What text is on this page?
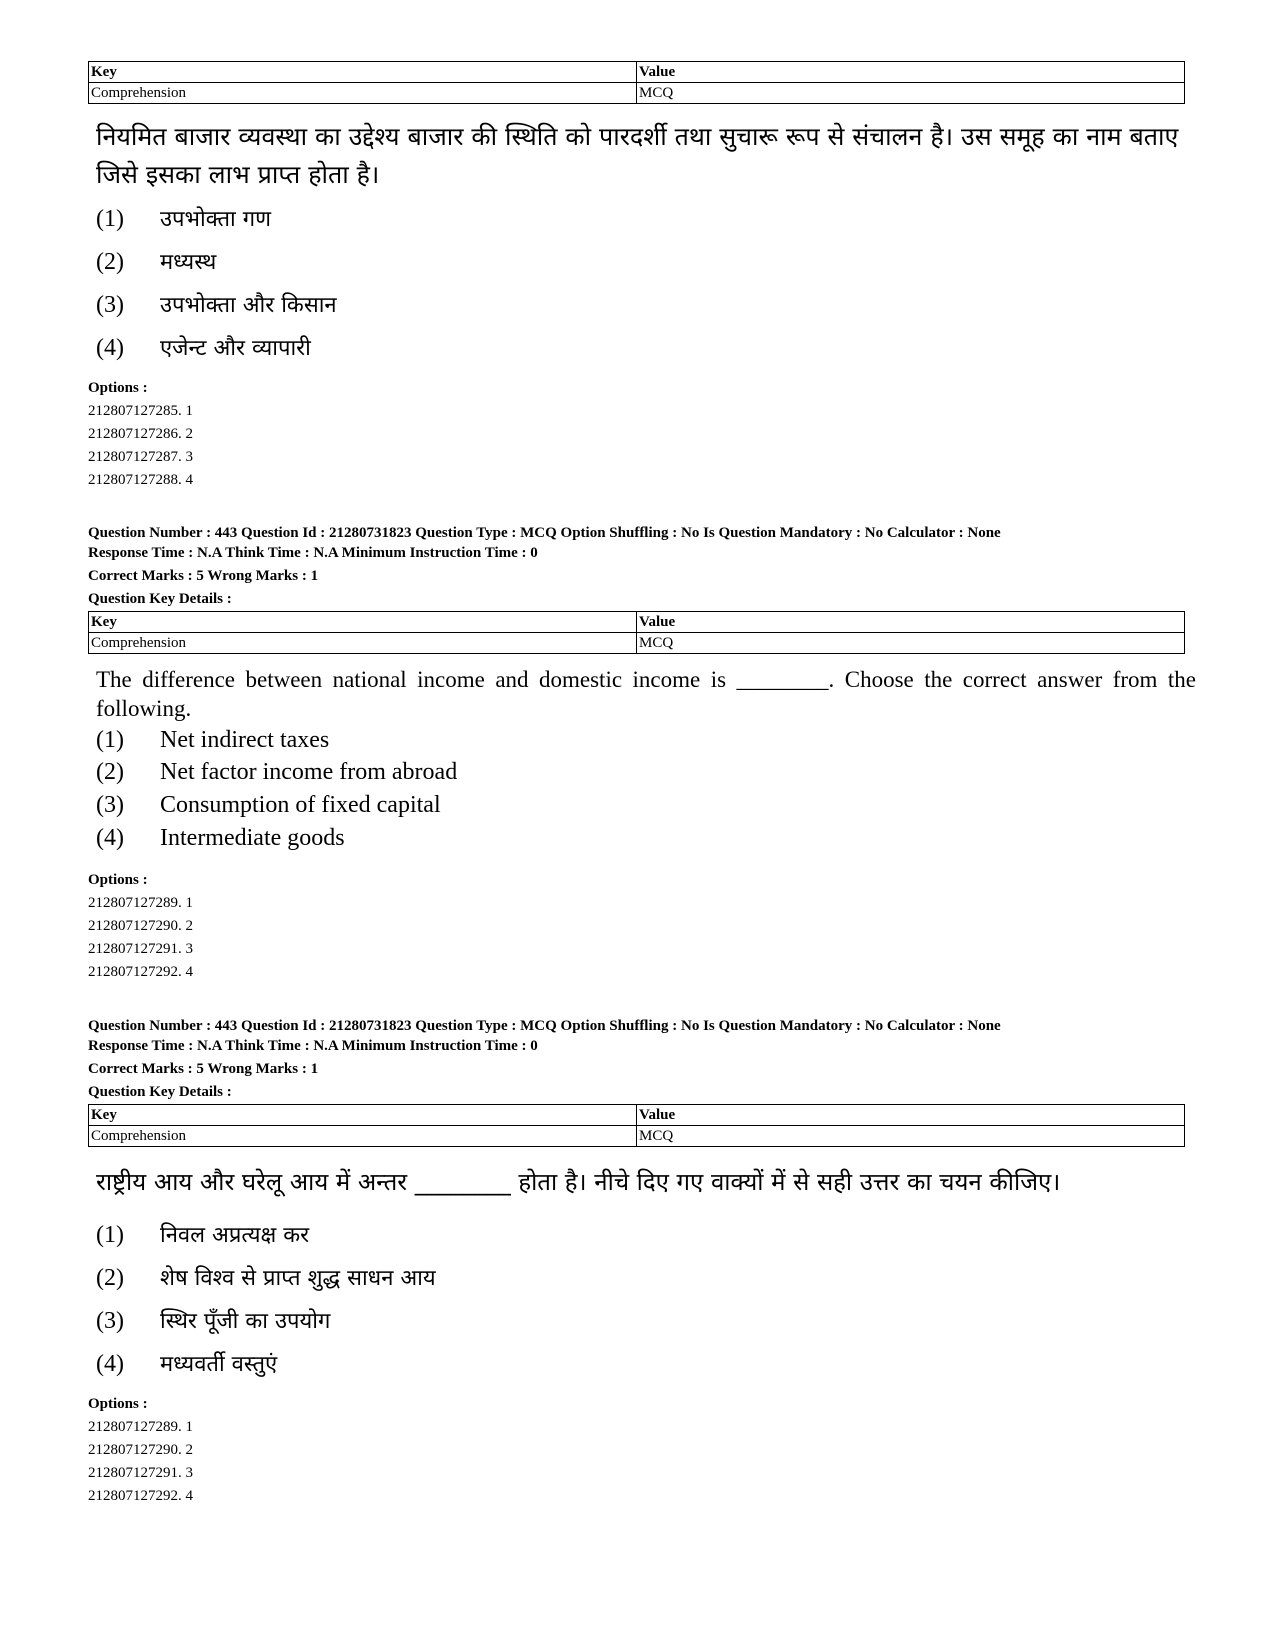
Key	Value
Comprehension	MCQ
नियमित बाजार व्यवस्था का उद्देश्य बाजार की स्थिति को पारदर्शी तथा सुचारू रूप से संचालन है। उस समूह का नाम बताए जिसे इसका लाभ प्राप्त होता है।
(1) उपभोक्ता गण
(2) मध्यस्थ
(3) उपभोक्ता और किसान
(4) एजेन्ट और व्यापारी
Options :
212807127285. 1
212807127286. 2
212807127287. 3
212807127288. 4
Question Number : 443 Question Id : 21280731823 Question Type : MCQ Option Shuffling : No Is Question Mandatory : No Calculator : None
Response Time : N.A Think Time : N.A Minimum Instruction Time : 0
Correct Marks : 5 Wrong Marks : 1
Question Key Details :
Key	Value
Comprehension	MCQ
The difference between national income and domestic income is ________. Choose the correct answer from the following.
(1) Net indirect taxes
(2) Net factor income from abroad
(3) Consumption of fixed capital
(4) Intermediate goods
Options :
212807127289. 1
212807127290. 2
212807127291. 3
212807127292. 4
Question Number : 443 Question Id : 21280731823 Question Type : MCQ Option Shuffling : No Is Question Mandatory : No Calculator : None
Response Time : N.A Think Time : N.A Minimum Instruction Time : 0
Correct Marks : 5 Wrong Marks : 1
Question Key Details :
Key	Value
Comprehension	MCQ
राष्ट्रीय आय और घरेलू आय में अन्तर ________ होता है। नीचे दिए गए वाक्यों में से सही उत्तर का चयन कीजिए।
(1) निवल अप्रत्यक्ष कर
(2) शेष विश्व से प्राप्त शुद्ध साधन आय
(3) स्थिर पूँजी का उपयोग
(4) मध्यवर्ती वस्तुएं
Options :
212807127289. 1
212807127290. 2
212807127291. 3
212807127292. 4
